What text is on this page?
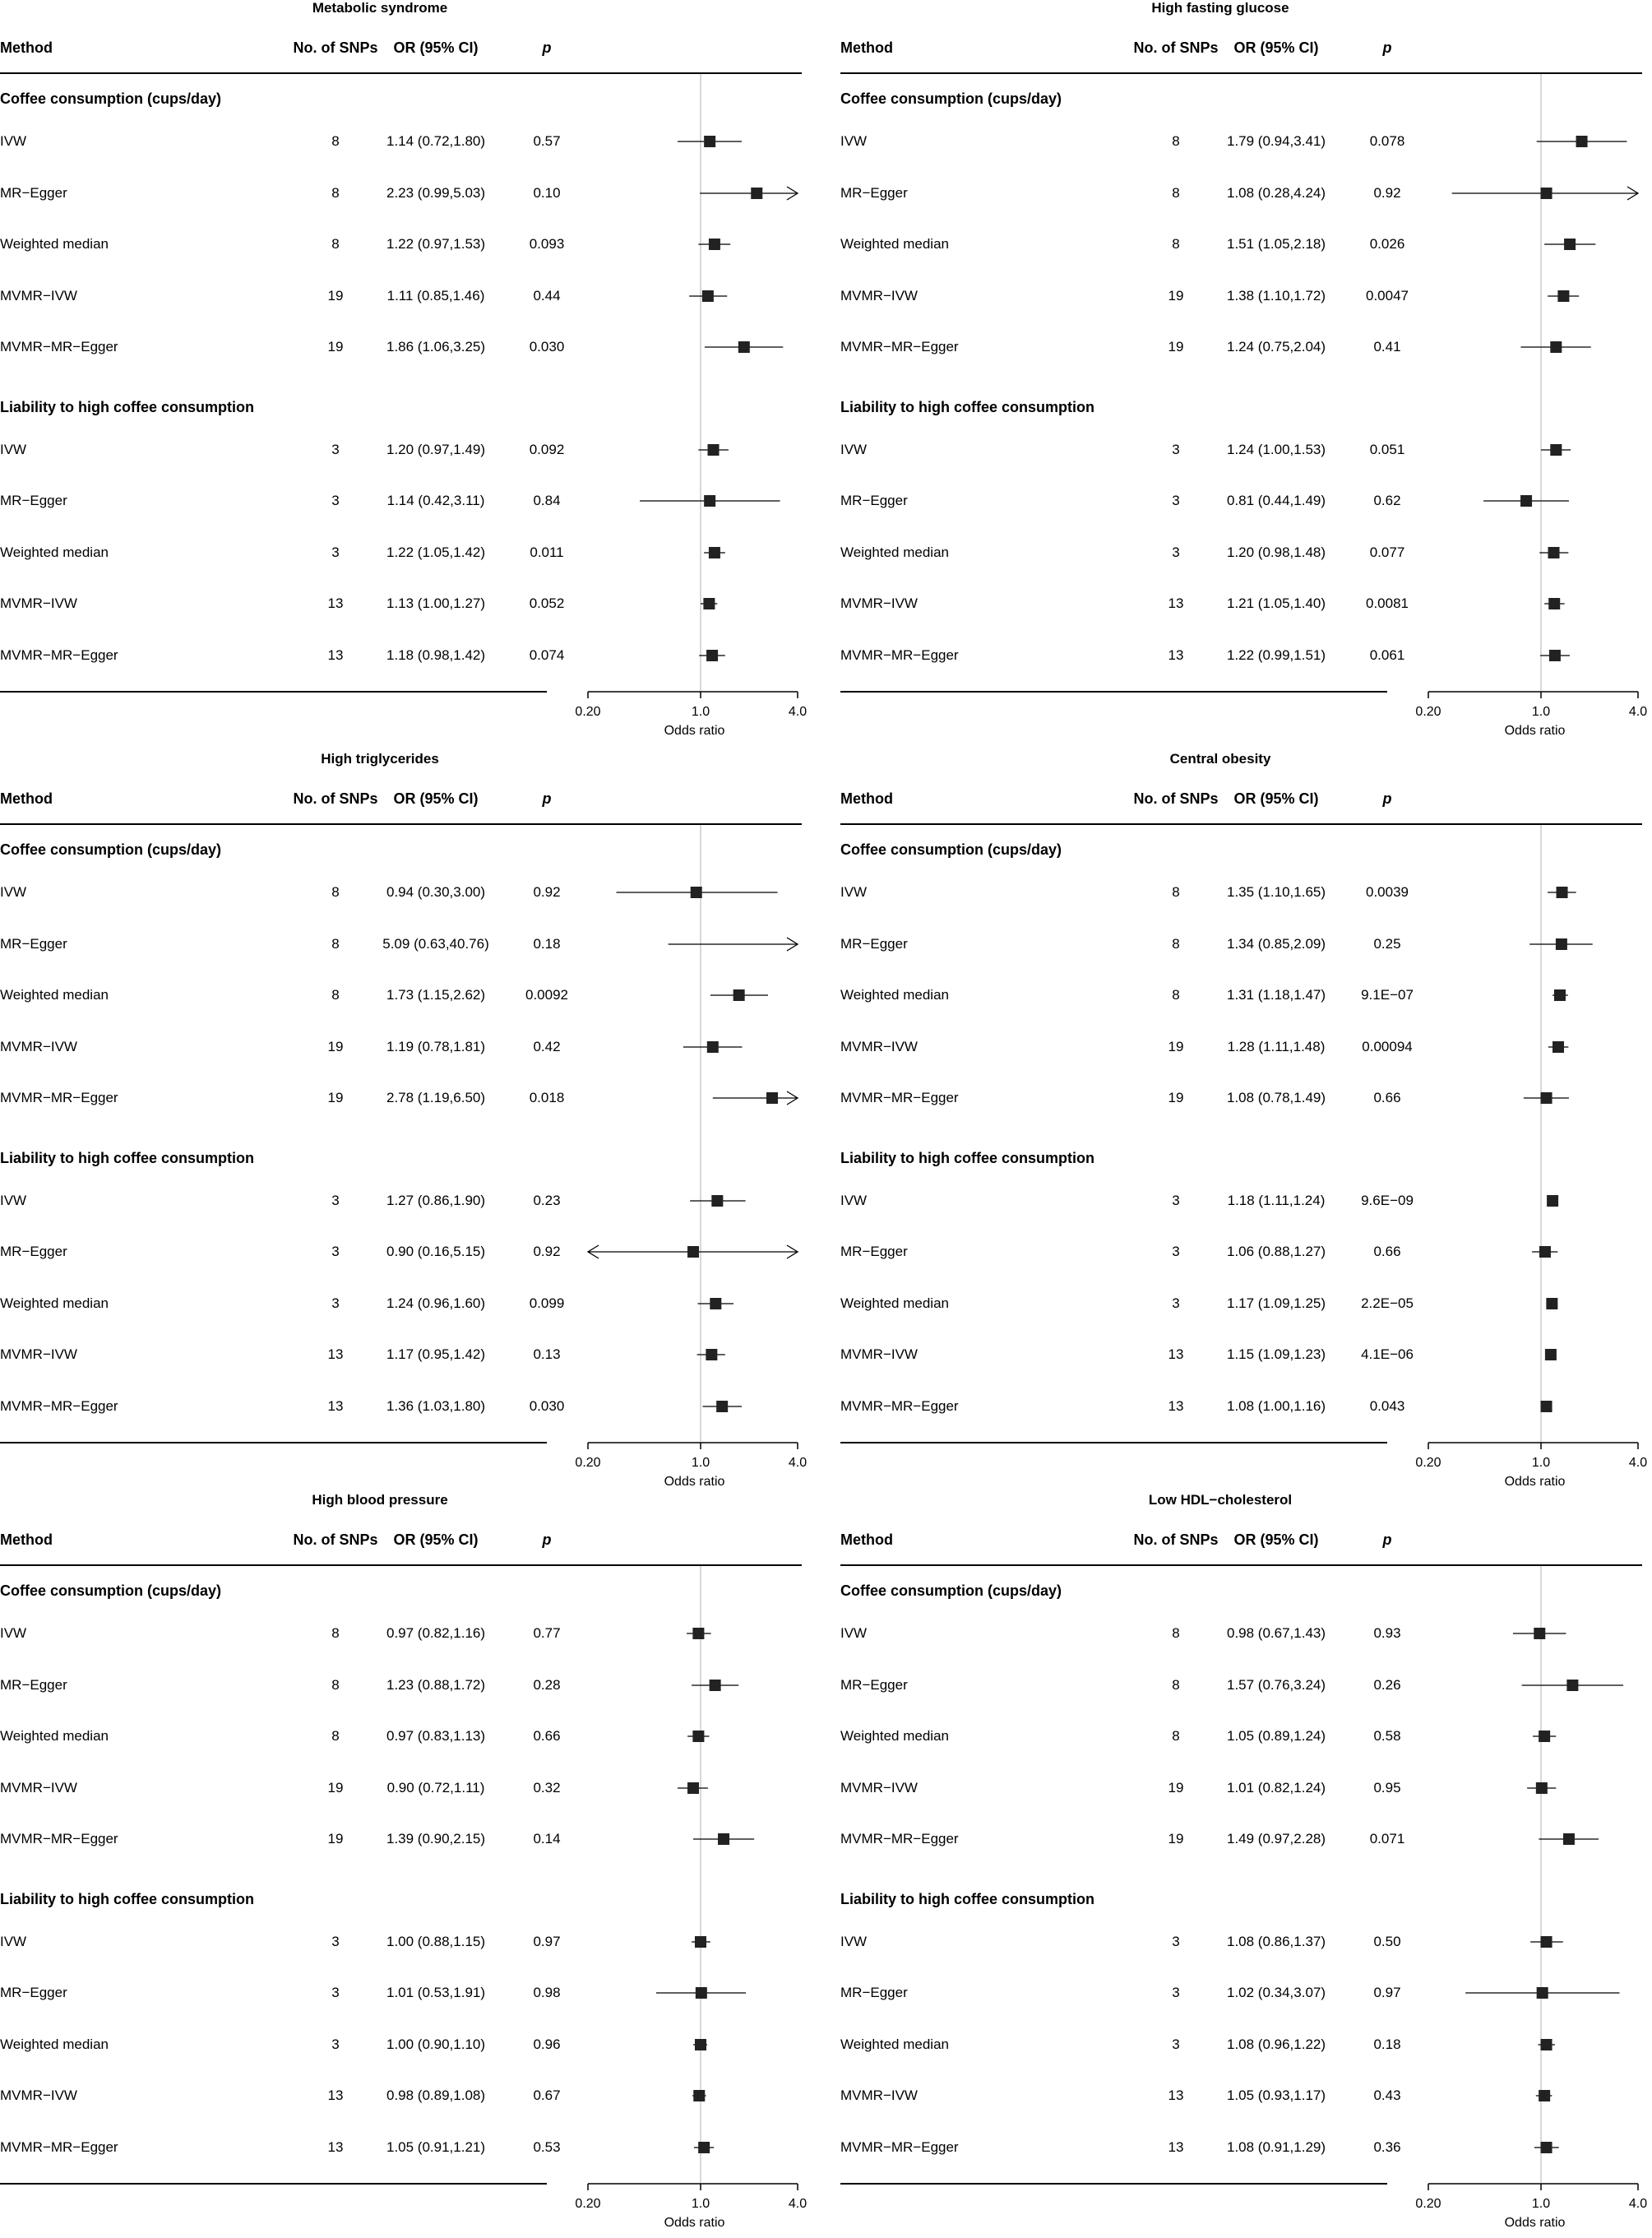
Metabolic syndrome
Method	No. of SNPs OR (95% CI)	p
0.20	1.0	4.0
Odds ratio
Coffee consumption (cups/day)
IVW	8	1.14 (0.72,1.80)	0.57
MR−Egger	8	2.23 (0.99,5.03)	0.10
Weighted median	8	1.22 (0.97,1.53)	0.093
MVMR−IVW	19	1.11 (0.85,1.46)	0.44
MVMR−MR−Egger	19	1.86 (1.06,3.25)	0.030
Liability to high coffee consumption
IVW	3	1.20 (0.97,1.49)	0.092
MR−Egger	3	1.14 (0.42,3.11)	0.84
Weighted median	3	1.22 (1.05,1.42)	0.011
MVMR−IVW	13	1.13 (1.00,1.27)	0.052
MVMR−MR−Egger	13	1.18 (0.98,1.42)	0.074
High fasting glucose
Method	No. of SNPs OR (95% CI)	p
0.20	1.0	4.0
Odds ratio
Coffee consumption (cups/day)
IVW	8	1.79 (0.94,3.41)	0.078
MR−Egger	8	1.08 (0.28,4.24)	0.92
Weighted median	8	1.51 (1.05,2.18)	0.026
MVMR−IVW	19	1.38 (1.10,1.72)	0.0047
MVMR−MR−Egger	19	1.24 (0.75,2.04)	0.41
Liability to high coffee consumption
IVW	3	1.24 (1.00,1.53)	0.051
MR−Egger	3	0.81 (0.44,1.49)	0.62
Weighted median	3	1.20 (0.98,1.48)	0.077
MVMR−IVW	13	1.21 (1.05,1.40)	0.0081
MVMR−MR−Egger	13	1.22 (0.99,1.51)	0.061
High triglycerides
Method	No. of SNPs OR (95% CI)	p
0.20	1.0	4.0
Odds ratio
Coffee consumption (cups/day)
IVW	8	0.94 (0.30,3.00)	0.92
MR−Egger	8	5.09 (0.63,40.76)	0.18
Weighted median	8	1.73 (1.15,2.62)	0.0092
MVMR−IVW	19	1.19 (0.78,1.81)	0.42
MVMR−MR−Egger	19	2.78 (1.19,6.50)	0.018
Liability to high coffee consumption
IVW	3	1.27 (0.86,1.90)	0.23
MR−Egger	3	0.90 (0.16,5.15)	0.92
Weighted median	3	1.24 (0.96,1.60)	0.099
MVMR−IVW	13	1.17 (0.95,1.42)	0.13
MVMR−MR−Egger	13	1.36 (1.03,1.80)	0.030
Central obesity
Method	No. of SNPs OR (95% CI)	p
0.20	1.0	4.0
Odds ratio
Coffee consumption (cups/day)
IVW	8	1.35 (1.10,1.65)	0.0039
MR−Egger	8	1.34 (0.85,2.09)	0.25
Weighted median	8	1.31 (1.18,1.47)	9.1E−07
MVMR−IVW	19	1.28 (1.11,1.48)	0.00094
MVMR−MR−Egger	19	1.08 (0.78,1.49)	0.66
Liability to high coffee consumption
IVW	3	1.18 (1.11,1.24)	9.6E−09
MR−Egger	3	1.06 (0.88,1.27)	0.66
Weighted median	3	1.17 (1.09,1.25)	2.2E−05
MVMR−IVW	13	1.15 (1.09,1.23)	4.1E−06
MVMR−MR−Egger	13	1.08 (1.00,1.16)	0.043
High blood pressure
Method	No. of SNPs OR (95% CI)	p
0.20	1.0	4.0
Odds ratio
Coffee consumption (cups/day)
IVW	8	0.97 (0.82,1.16)	0.77
MR−Egger	8	1.23 (0.88,1.72)	0.28
Weighted median	8	0.97 (0.83,1.13)	0.66
MVMR−IVW	19	0.90 (0.72,1.11)	0.32
MVMR−MR−Egger	19	1.39 (0.90,2.15)	0.14
Liability to high coffee consumption
IVW	3	1.00 (0.88,1.15)	0.97
MR−Egger	3	1.01 (0.53,1.91)	0.98
Weighted median	3	1.00 (0.90,1.10)	0.96
MVMR−IVW	13	0.98 (0.89,1.08)	0.67
MVMR−MR−Egger	13	1.05 (0.91,1.21)	0.53
Low HDL−cholesterol
Method	No. of SNPs OR (95% CI)	p
0.20	1.0	4.0
Odds ratio
Coffee consumption (cups/day)
IVW	8	0.98 (0.67,1.43)	0.93
MR−Egger	8	1.57 (0.76,3.24)	0.26
Weighted median	8	1.05 (0.89,1.24)	0.58
MVMR−IVW	19	1.01 (0.82,1.24)	0.95
MVMR−MR−Egger	19	1.49 (0.97,2.28)	0.071
Liability to high coffee consumption
IVW	3	1.08 (0.86,1.37)	0.50
MR−Egger	3	1.02 (0.34,3.07)	0.97
Weighted median	3	1.08 (0.96,1.22)	0.18
MVMR−IVW	13	1.05 (0.93,1.17)	0.43
MVMR−MR−Egger	13	1.08 (0.91,1.29)	0.36
